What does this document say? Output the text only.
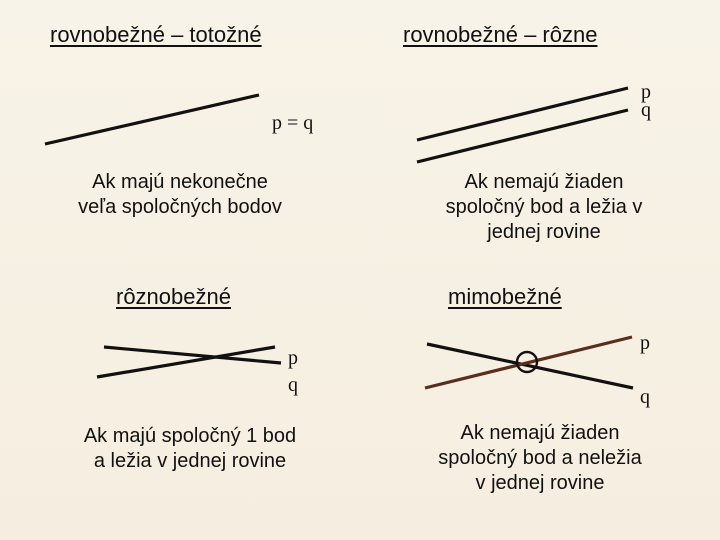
rovnobežné – totožné
p = q
Ak majú nekonečne
veľa spoločných bodov
rovnobežné – rôzne
p
q
Ak nemajú žiaden
spoločný bod a ležia v
jednej rovine
rôznobežné
p
q
Ak majú spoločný 1 bod
a ležia v jednej rovine
mimobežné
p
q
Ak nemajú žiaden
spoločný bod a neležia
v jednej rovine
